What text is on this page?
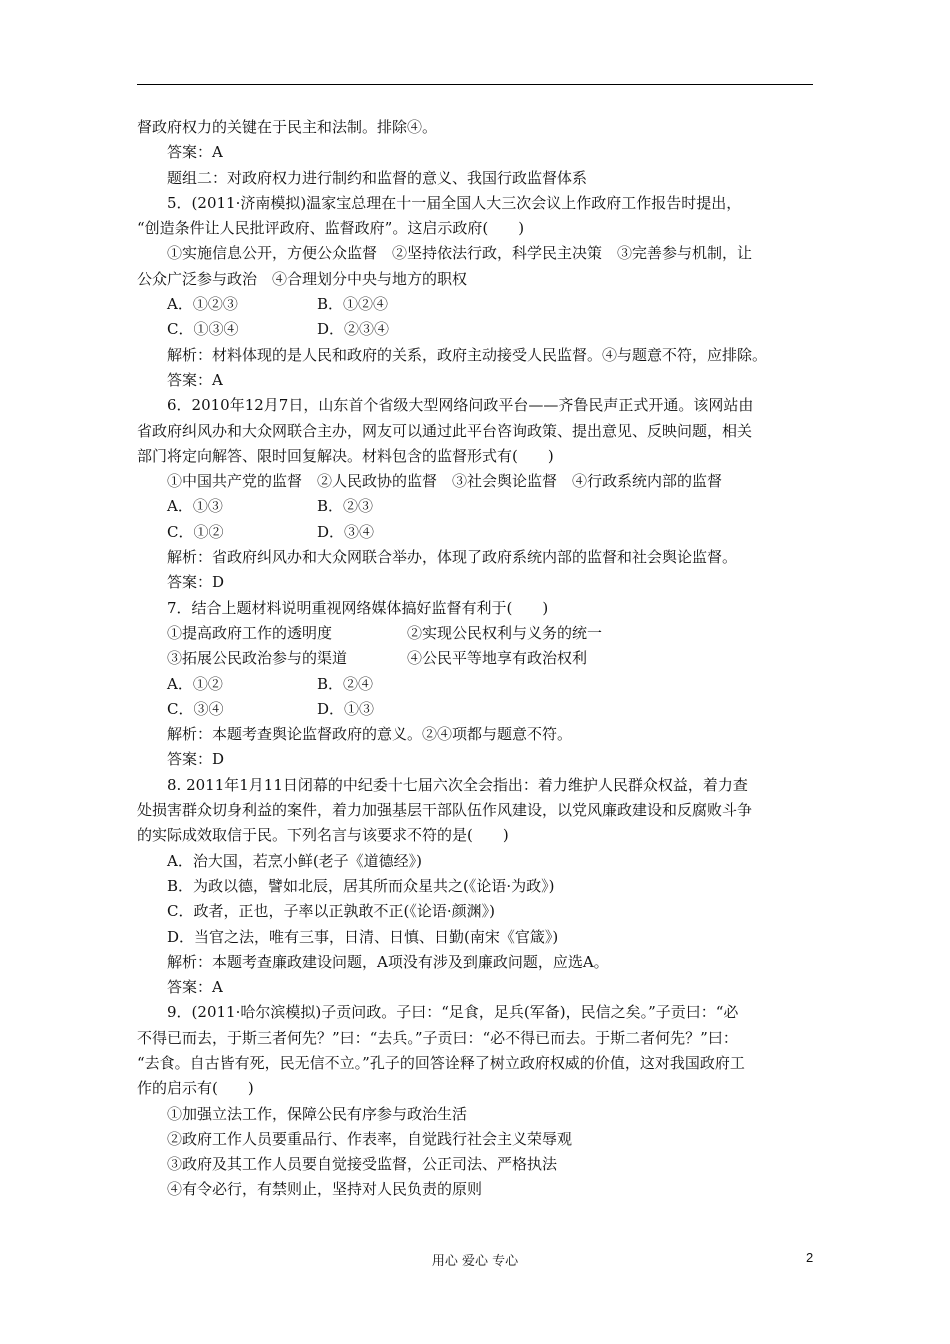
督政府权力的关键在于民主和法制。排除④。
答案：A
题组二：对政府权力进行制约和监督的意义、我国行政监督体系
5．(2011·济南模拟)温家宝总理在十一届全国人大三次会议上作政府工作报告时提出，
“创造条件让人民批评政府、监督政府”。这启示政府(　　)
①实施信息公开，方便公众监督　②坚持依法行政，科学民主决策　③完善参与机制，让
公众广泛参与政治　④合理划分中央与地方的职权
A．①②③	B．①②④
C．①③④	D．②③④
解析：材料体现的是人民和政府的关系，政府主动接受人民监督。④与题意不符，应排除。
答案：A
6．2010年12月7日，山东首个省级大型网络问政平台——齐鲁民声正式开通。该网站由
省政府纠风办和大众网联合主办，网友可以通过此平台咨询政策、提出意见、反映问题，相关
部门将定向解答、限时回复解决。材料包含的监督形式有(　　)
①中国共产党的监督　②人民政协的监督　③社会舆论监督　④行政系统内部的监督
A．①③	B．②③
C．①②	D．③④
解析：省政府纠风办和大众网联合举办，体现了政府系统内部的监督和社会舆论监督。
答案：D
7．结合上题材料说明重视网络媒体搞好监督有利于(　　)
①提高政府工作的透明度	②实现公民权利与义务的统一
③拓展公民政治参与的渠道	④公民平等地享有政治权利
A．①②	B．②④
C．③④	D．①③
解析：本题考查舆论监督政府的意义。②④项都与题意不符。
答案：D
8. 2011年1月11日闭幕的中纪委十七届六次全会指出：着力维护人民群众权益，着力查
处损害群众切身利益的案件，着力加强基层干部队伍作风建设，以党风廉政建设和反腐败斗争
的实际成效取信于民。下列名言与该要求不符的是(　　)
A．治大国，若烹小鲜(老子《道德经》)
B．为政以德，譬如北辰，居其所而众星共之(《论语·为政》)
C．政者，正也，子率以正孰敢不正(《论语·颜渊》)
D．当官之法，唯有三事，日清、日慎、日勤(南宋《官箴》)
解析：本题考查廉政建设问题，A项没有涉及到廉政问题，应选A。
答案：A
9．(2011·哈尔滨模拟)子贡问政。子曰：“足食，足兵(军备)，民信之矣。”子贡曰：“必
不得已而去，于斯三者何先？”曰：“去兵。”子贡曰：“必不得已而去。于斯二者何先？”曰：
“去食。自古皆有死，民无信不立。”孔子的回答诠释了树立政府权威的价值，这对我国政府工
作的启示有(　　)
①加强立法工作，保障公民有序参与政治生活
②政府工作人员要重品行、作表率，自觉践行社会主义荣辱观
③政府及其工作人员要自觉接受监督，公正司法、严格执法
④有令必行，有禁则止，坚持对人民负责的原则
用心 爱心 专心	2
